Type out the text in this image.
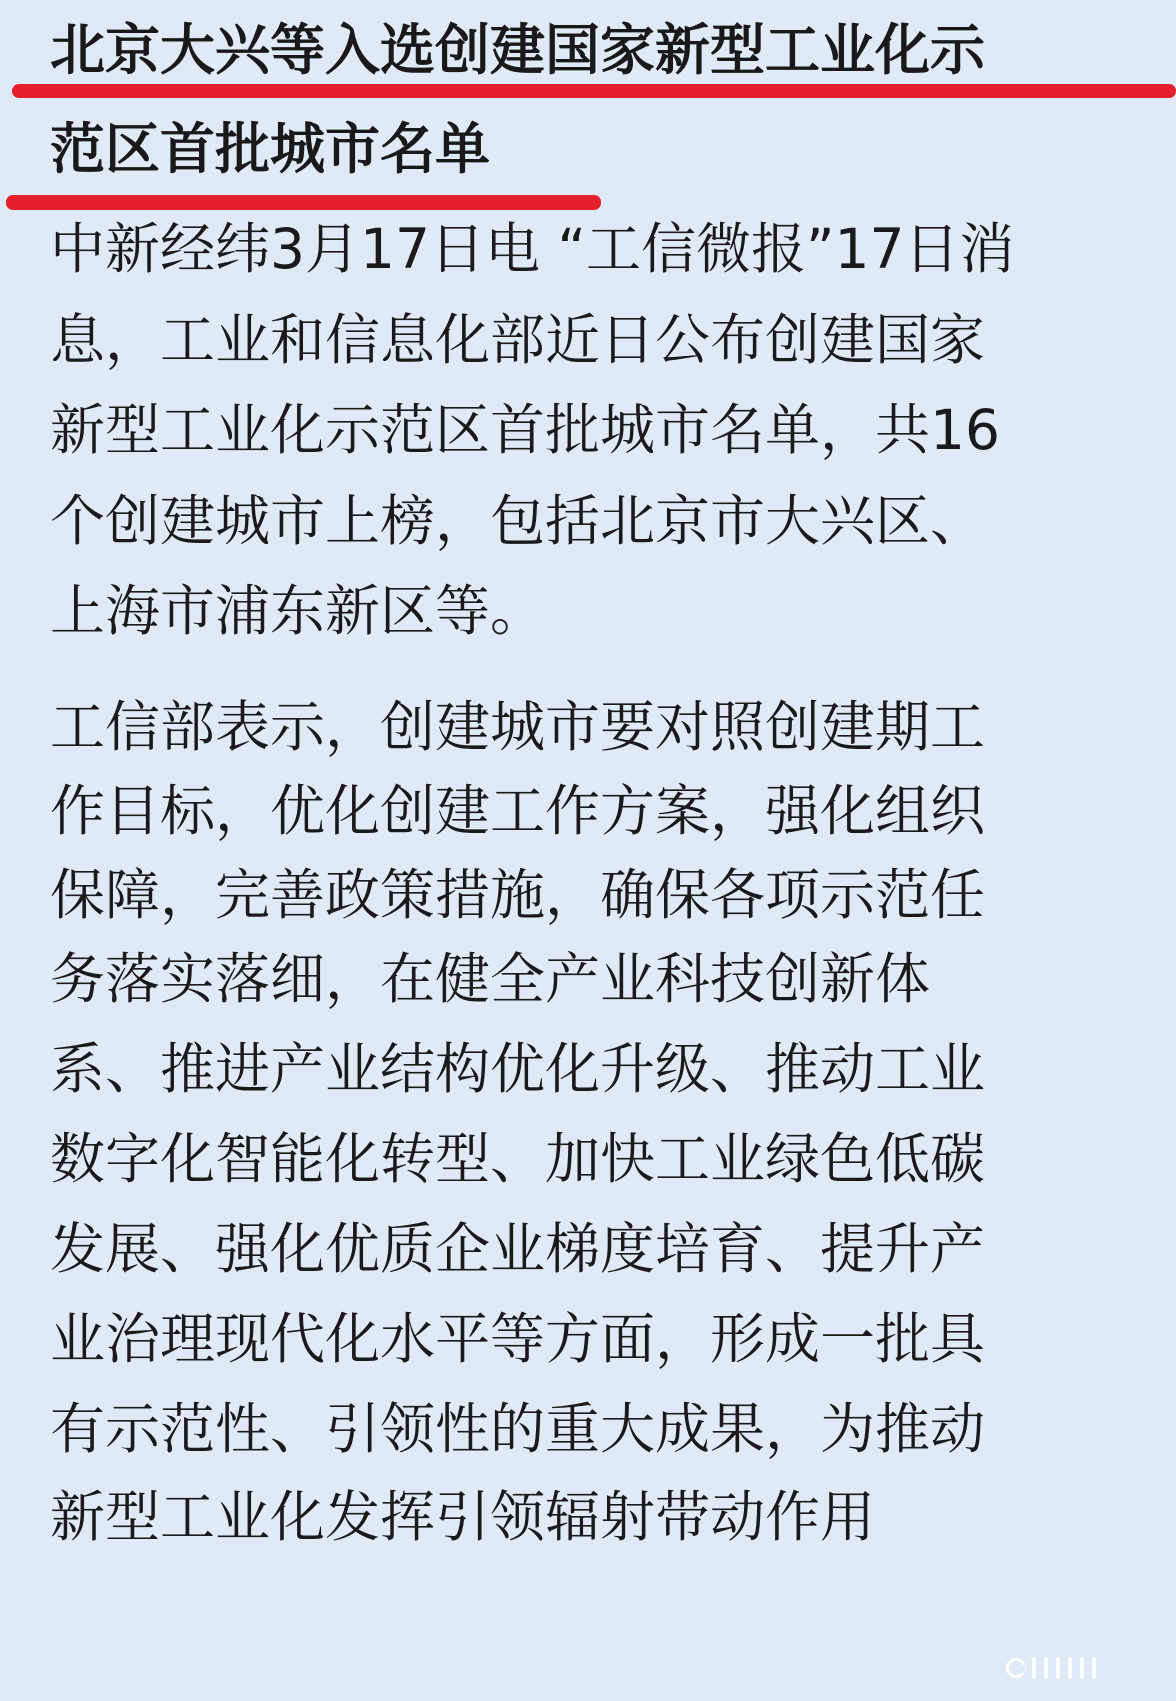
北京大兴等入选创建国家新型工业化示
范区首批城市名单
中新经纬3月17日电 “工信微报”17日消
息，工业和信息化部近日公布创建国家
新型工业化示范区首批城市名单，共16
个创建城市上榜，包括北京市大兴区、
上海市浦东新区等。
工信部表示，创建城市要对照创建期工
作目标，优化创建工作方案，强化组织
保障，完善政策措施，确保各项示范任
务落实落细，在健全产业科技创新体
系、推进产业结构优化升级、推动工业
数字化智能化转型、加快工业绿色低碳
发展、强化优质企业梯度培育、提升产
业治理现代化水平等方面，形成一批具
有示范性、引领性的重大成果，为推动
新型工业化发挥引领辐射带动作用
